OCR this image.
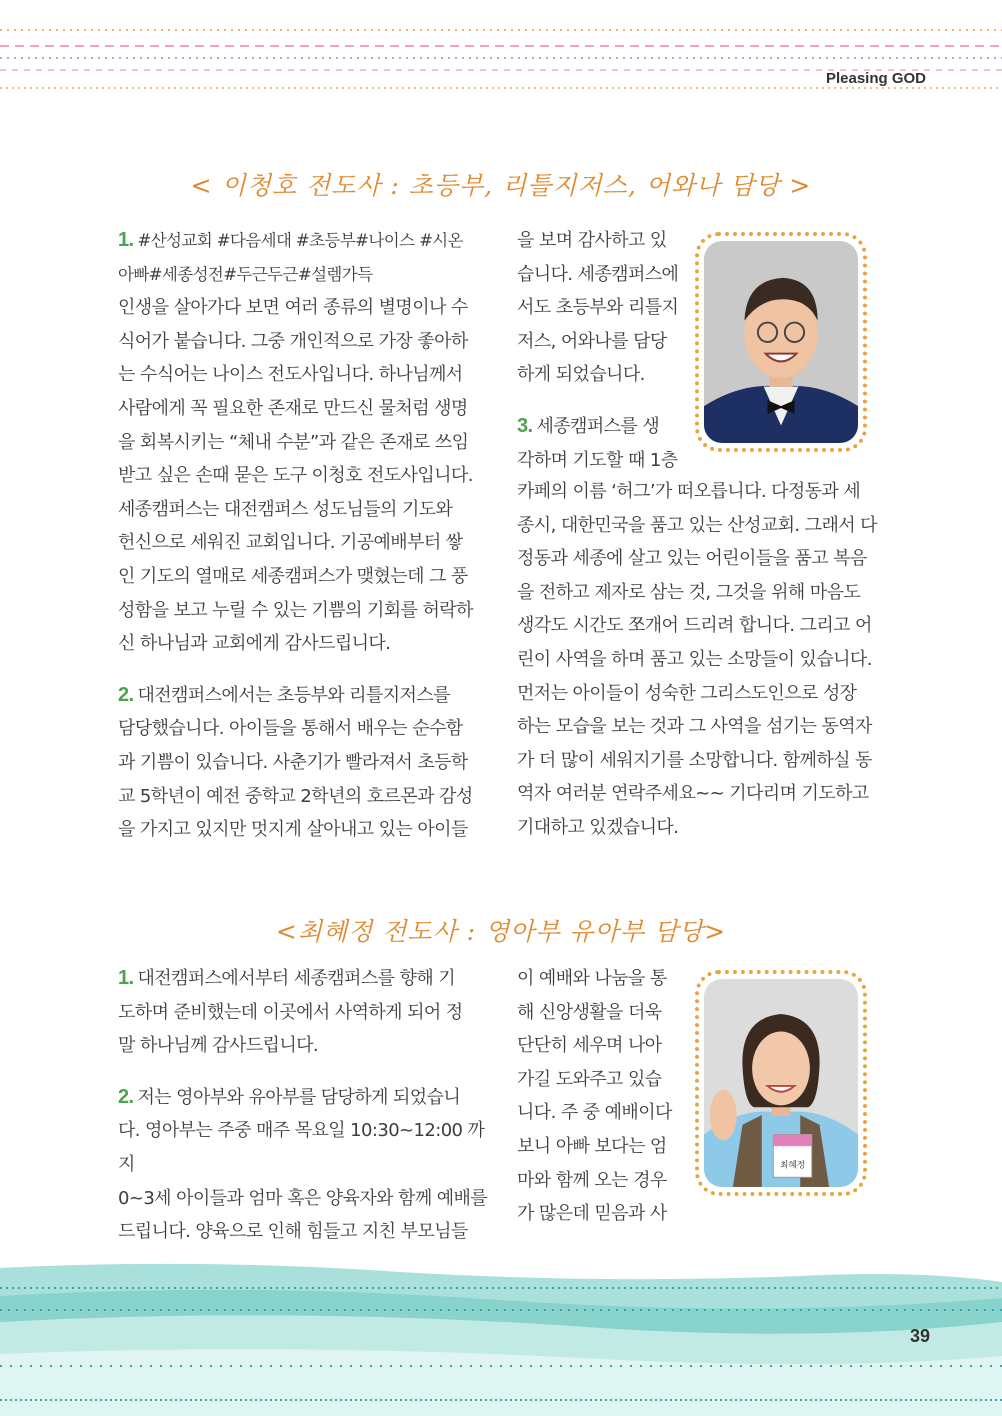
Pleasing GOD
< 이청호 전도사 : 초등부, 리틀지저스, 어와나 담당 >

1. #산성교회 #다음세대 #초등부#나이스 #시온
아빠#세종성전#두근두근#설렘가득

인생을 살아가다 보면 여러 종류의 별명이나 수
식어가 붙습니다. 그중 개인적으로 가장 좋아하
는 수식어는 나이스 전도사입니다. 하나님께서
사람에게 꼭 필요한 존재로 만드신 물처럼 생명
을 회복시키는 “체내 수분”과 같은 존재로 쓰임
받고 싶은 손때 묻은 도구 이청호 전도사입니다.
세종캠퍼스는 대전캠퍼스 성도님들의 기도와
헌신으로 세워진 교회입니다. 기공예배부터 쌓
인 기도의 열매로 세종캠퍼스가 맺혔는데 그 풍
성함을 보고 누릴 수 있는 기쁨의 기회를 허락하
신 하나님과 교회에게 감사드립니다.

2. 대전캠퍼스에서는 초등부와 리틀지저스를
담당했습니다. 아이들을 통해서 배우는 순수함
과 기쁨이 있습니다. 사춘기가 빨라져서 초등학
교 5학년이 예전 중학교 2학년의 호르몬과 감성
을 가지고 있지만 멋지게 살아내고 있는 아이들

을 보며 감사하고 있
습니다. 세종캠퍼스에
서도 초등부와 리틀지
저스, 어와나를 담당
하게 되었습니다.

3. 세종캠퍼스를 생
각하며 기도할 때 1층

카페의 이름 ‘허그’가 떠오릅니다. 다정동과 세
종시, 대한민국을 품고 있는 산성교회. 그래서 다
정동과 세종에 살고 있는 어린이들을 품고 복음
을 전하고 제자로 삼는 것, 그것을 위해 마음도
생각도 시간도 쪼개어 드리려 합니다. 그리고 어
린이 사역을 하며 품고 있는 소망들이 있습니다.
먼저는 아이들이 성숙한 그리스도인으로 성장
하는 모습을 보는 것과 그 사역을 섬기는 동역자
가 더 많이 세워지기를 소망합니다. 함께하실 동
역자 여러분 연락주세요~~ 기다리며 기도하고
기대하고 있겠습니다.

<최혜정 전도사 : 영아부 유아부 담당>

1. 대전캠퍼스에서부터 세종캠퍼스를 향해 기
도하며 준비했는데 이곳에서 사역하게 되어 정
말 하나님께 감사드립니다.

2. 저는 영아부와 유아부를 담당하게 되었습니
다. 영아부는 주중 매주 목요일 10:30~12:00 까지
0~3세 아이들과 엄마 혹은 양육자와 함께 예배를
드립니다. 양육으로 인해 힘들고 지친 부모님들

이 예배와 나눔을 통
해 신앙생활을 더욱
단단히 세우며 나아
가길 도와주고 있습
니다. 주 중 예배이다
보니 아빠 보다는 엄
마와 함께 오는 경우
가 많은데 믿음과 사

최혜정
39
